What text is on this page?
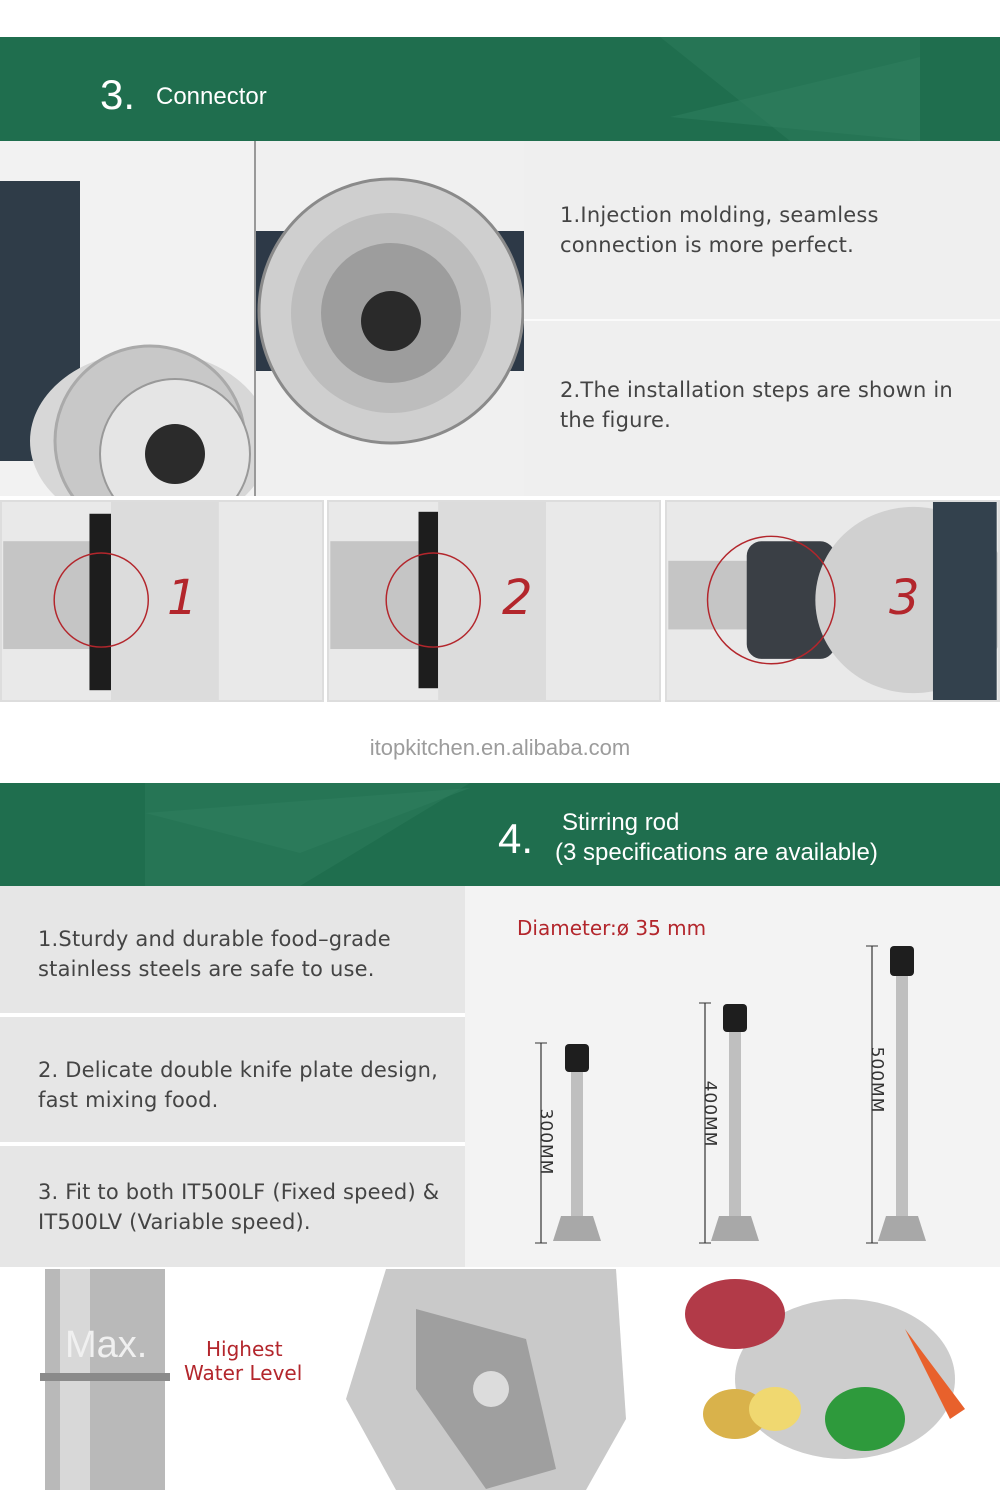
3. Connector
1.Injection molding, seamless connection is more perfect.
2.The installation steps are shown in the figure.
1	2	3
itopkitchen.en.alibaba.com
4. Stirring rod
(3 specifications are available)
1.Sturdy and durable food–grade stainless steels are safe to use.
2. Delicate double knife plate design, fast mixing food.
3. Fit to both IT500LF (Fixed speed) & IT500LV (Variable speed).
Diameter:ø 35 mm
300MM	400MM
500MM
Max.	Highest
Water Level
